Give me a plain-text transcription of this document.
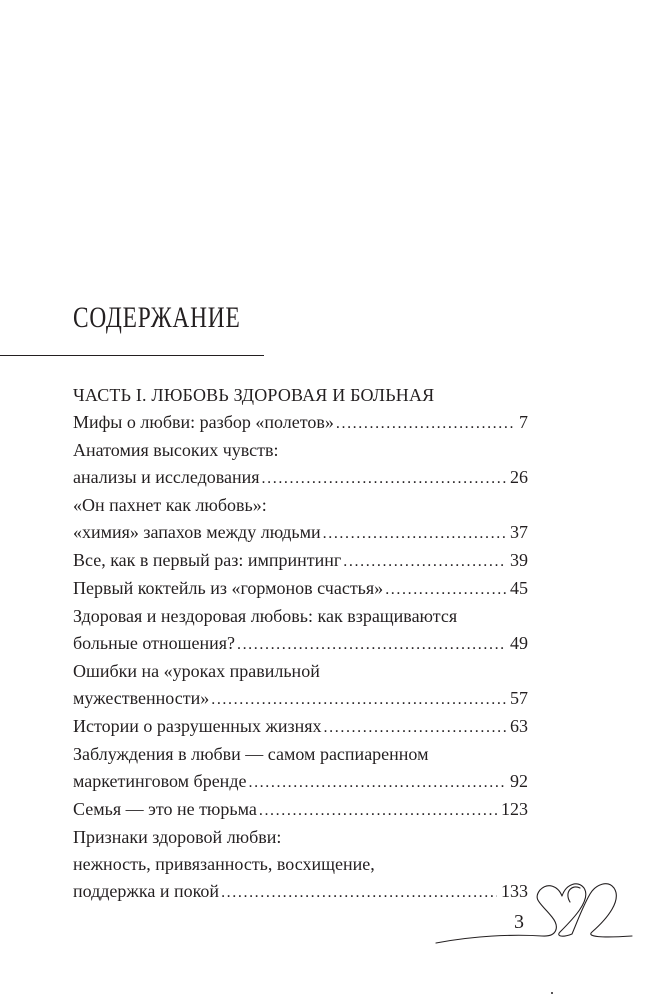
СОДЕРЖАНИЕ
ЧАСТЬ I. ЛЮБОВЬ ЗДОРОВАЯ И БОЛЬНАЯ
Мифы о любви: разбор «полетов» . . .	7
Анатомия высоких чувств:
анализы и исследования . . .	26
«Он пахнет как любовь»:
«химия» запахов между людьми . . .	37
Все, как в первый раз: импринтинг . . .	39
Первый коктейль из «гормонов счастья» . . .	45
Здоровая и нездоровая любовь: как взращиваются
больные отношения? . . .	49
Ошибки на «уроках правильной
мужественности» . . .	57
Истории о разрушенных жизнях . . .	63
Заблуждения в любви — самом распиаренном
маркетинговом бренде . . .	92
Семья — это не тюрьма . . .	123
Признаки здоровой любви:
нежность, привязанность, восхищение,
поддержка и покой . . .	133
3
